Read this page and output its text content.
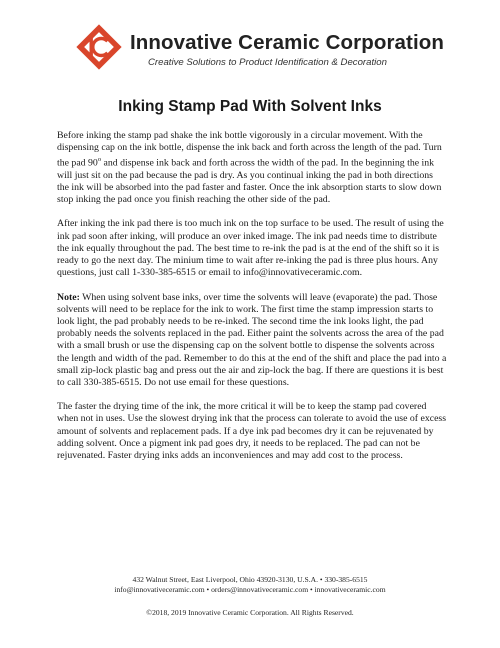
Innovative Ceramic Corporation
Creative Solutions to Product Identification & Decoration
Inking Stamp Pad With Solvent Inks

Before inking the stamp pad shake the ink bottle vigorously in a circular movement. With the dispensing cap on the ink bottle, dispense the ink back and forth across the length of the pad. Turn the pad 90$^o$ and dispense ink back and forth across the width of the pad. In the beginning the ink will just sit on the pad because the pad is dry. As you continual inking the pad in both directions the ink will be absorbed into the pad faster and faster. Once the ink absorption starts to slow down stop inking the pad once you finish reaching the other side of the pad.

After inking the ink pad there is too much ink on the top surface to be used. The result of using the ink pad soon after inking, will produce an over inked image. The ink pad needs time to distribute the ink equally throughout the pad. The best time to re-ink the pad is at the end of the shift so it is ready to go the next day. The minium time to wait after re-inking the pad is three plus hours. Any questions, just call 1-330-385-6515 or email to info@innovativeceramic.com.

Note: When using solvent base inks, over time the solvents will leave (evaporate) the pad. Those solvents will need to be replace for the ink to work. The first time the stamp impression starts to look light, the pad probably needs to be re-inked. The second time the ink looks light, the pad probably needs the solvents replaced in the pad. Either paint the solvents across the area of the pad with a small brush or use the dispensing cap on the solvent bottle to dispense the solvents across the length and width of the pad. Remember to do this at the end of the shift and place the pad into a small zip-lock plastic bag and press out the air and zip-lock the bag. If there are questions it is best to call 330-385-6515. Do not use email for these questions.

The faster the drying time of the ink, the more critical it will be to keep the stamp pad covered when not in uses. Use the slowest drying ink that the process can tolerate to avoid the use of excess amount of solvents and replacement pads. If a dye ink pad becomes dry it can be rejuvenated by adding solvent. Once a pigment ink pad goes dry, it needs to be replaced. The pad can not be rejuvenated. Faster drying inks adds an inconveniences and may add cost to the process.

432 Walnut Street, East Liverpool, Ohio 43920-3130, U.S.A. • 330-385-6515
info@innovativeceramic.com • orders@innovativeceramic.com • innovativeceramic.com
©2018, 2019 Innovative Ceramic Corporation. All Rights Reserved.
